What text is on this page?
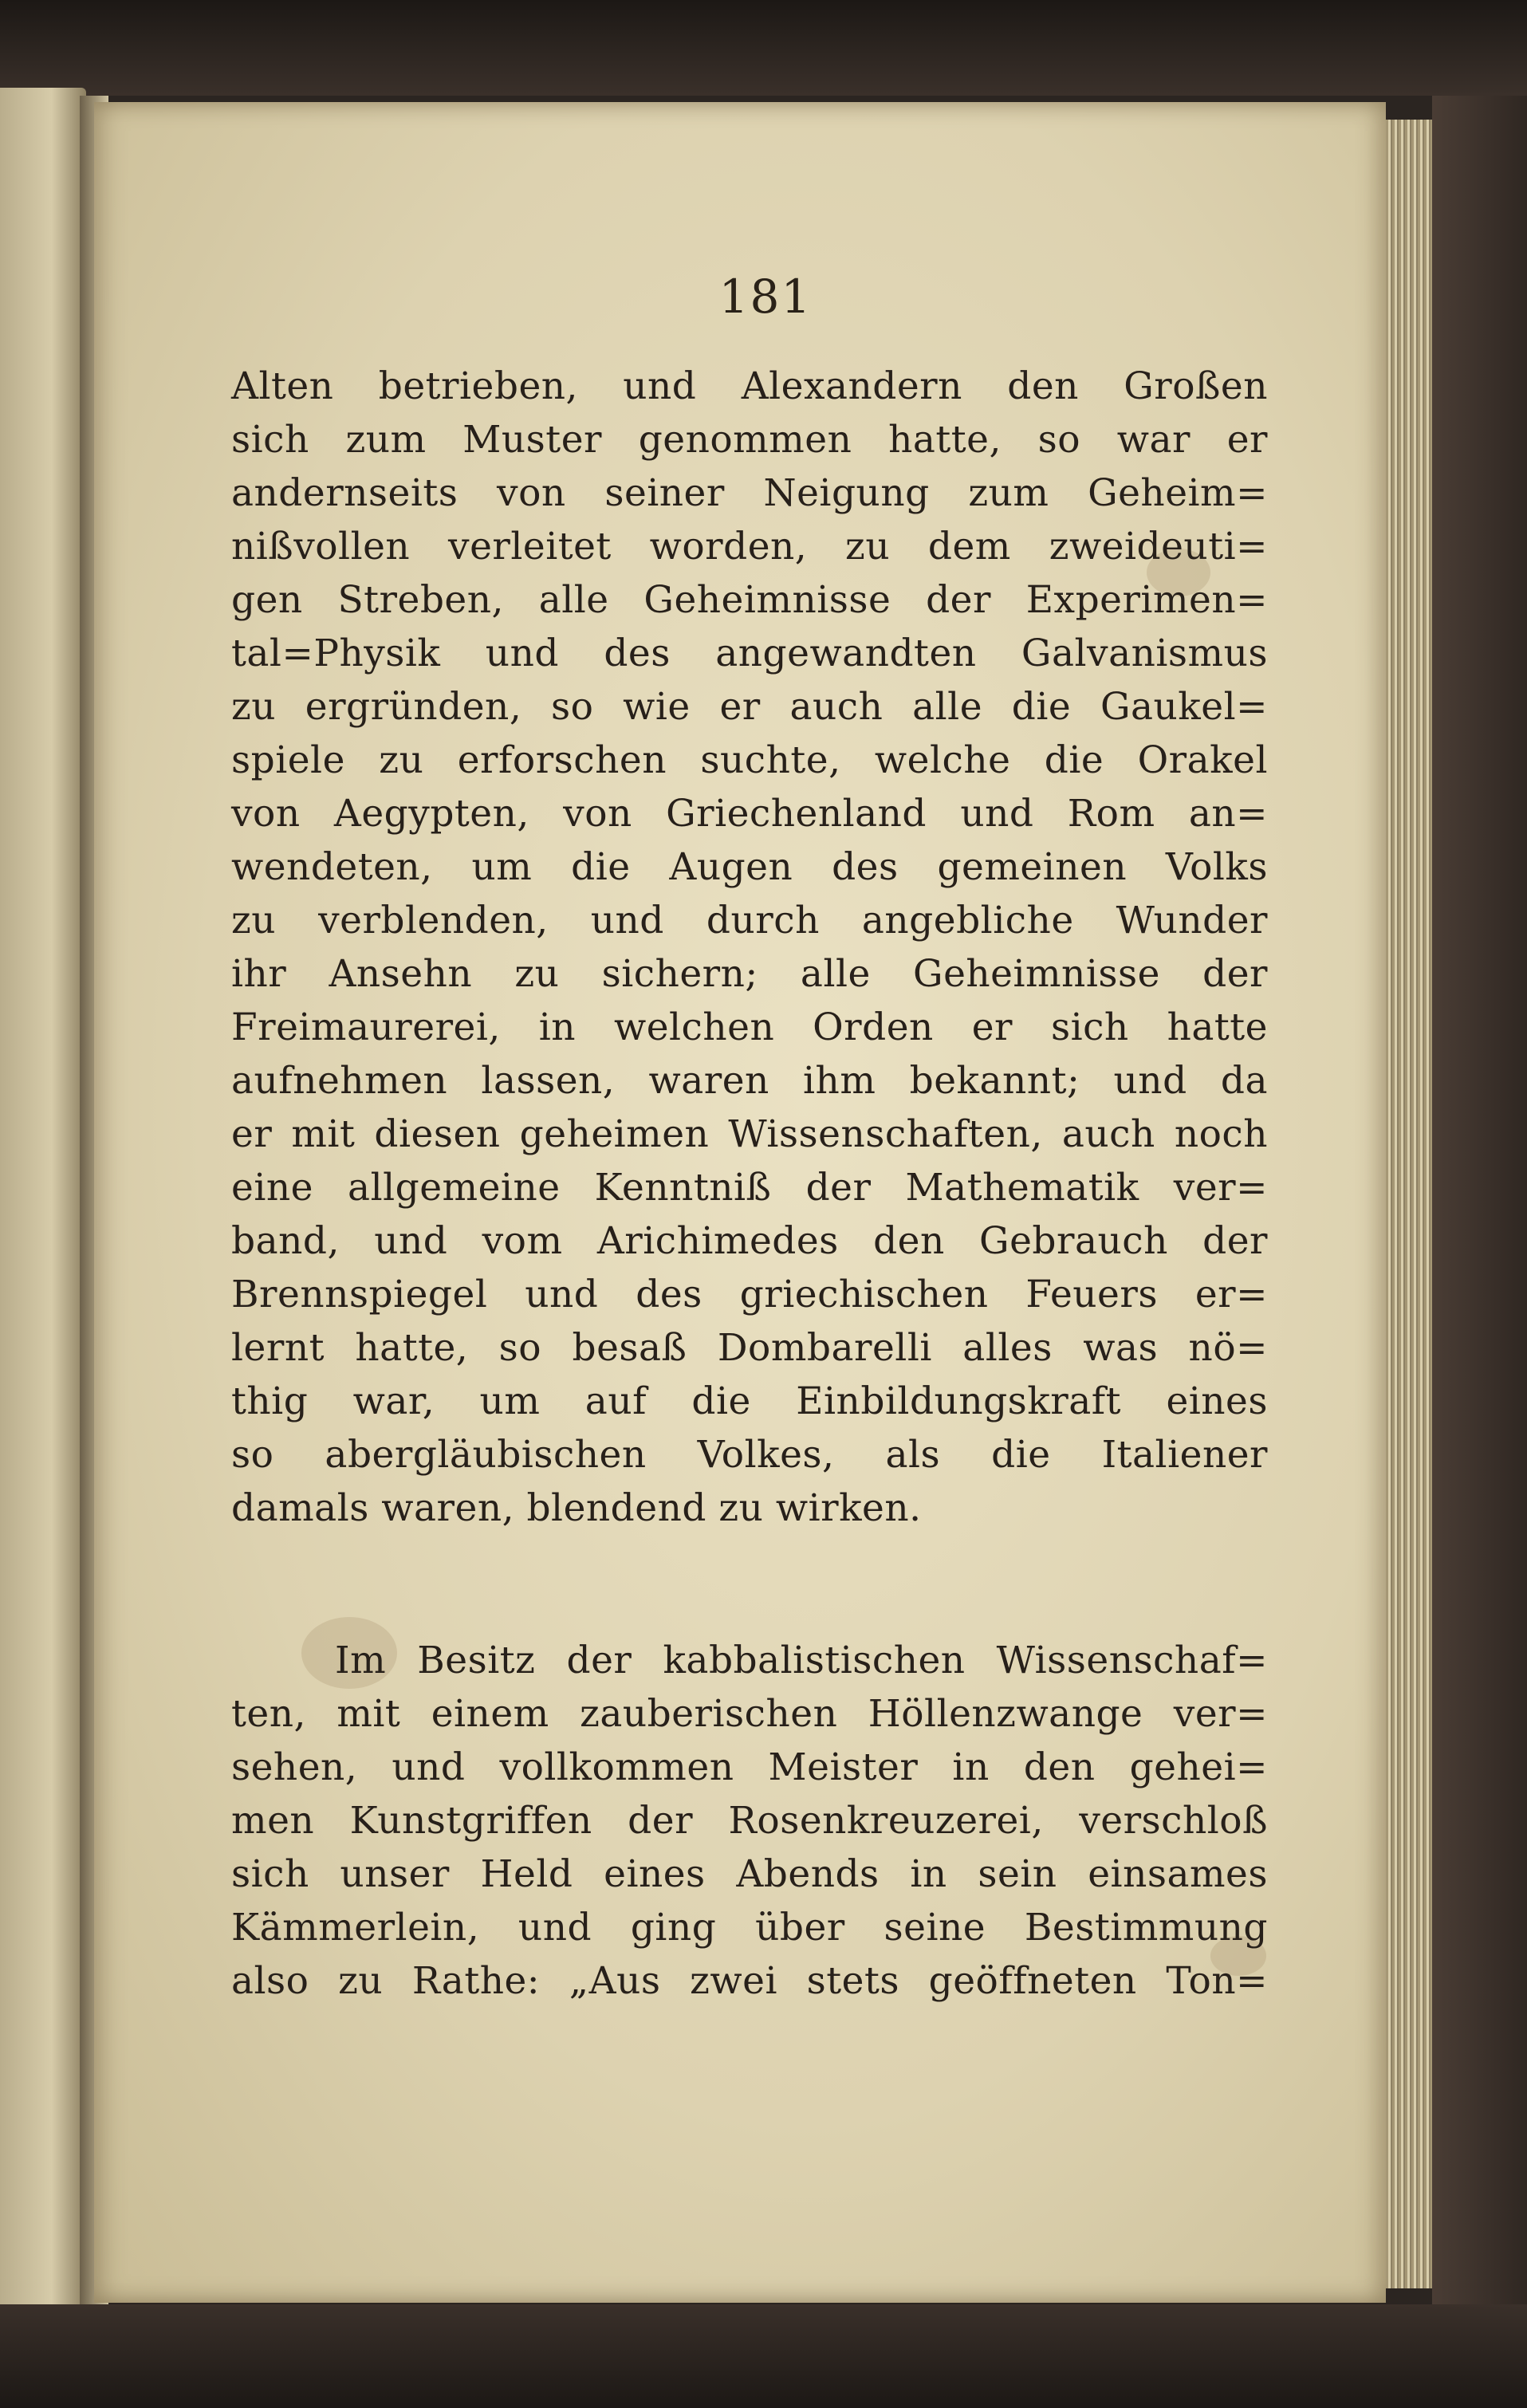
181
Alten betrieben, und Alexandern den Großen
sich zum Muster genommen hatte, so war er
andernseits von seiner Neigung zum Geheim=
nißvollen verleitet worden, zu dem zweideuti=
gen Streben, alle Geheimnisse der Experimen=
tal=Physik und des angewandten Galvanismus
zu ergründen, so wie er auch alle die Gaukel=
spiele zu erforschen suchte, welche die Orakel
von Aegypten, von Griechenland und Rom an=
wendeten, um die Augen des gemeinen Volks
zu verblenden, und durch angebliche Wunder
ihr Ansehn zu sichern; alle Geheimnisse der
Freimaurerei, in welchen Orden er sich hatte
aufnehmen lassen, waren ihm bekannt; und da
er mit diesen geheimen Wissenschaften, auch noch
eine allgemeine Kenntniß der Mathematik ver=
band, und vom Arichimedes den Gebrauch der
Brennspiegel und des griechischen Feuers er=
lernt hatte, so besaß Dombarelli alles was nö=
thig war, um auf die Einbildungskraft eines
so abergläubischen Volkes, als die Italiener
damals waren, blendend zu wirken.
Im Besitz der kabbalistischen Wissenschaf=
ten, mit einem zauberischen Höllenzwange ver=
sehen, und vollkommen Meister in den gehei=
men Kunstgriffen der Rosenkreuzerei, verschloß
sich unser Held eines Abends in sein einsames
Kämmerlein, und ging über seine Bestimmung
also zu Rathe: „Aus zwei stets geöffneten Ton=
